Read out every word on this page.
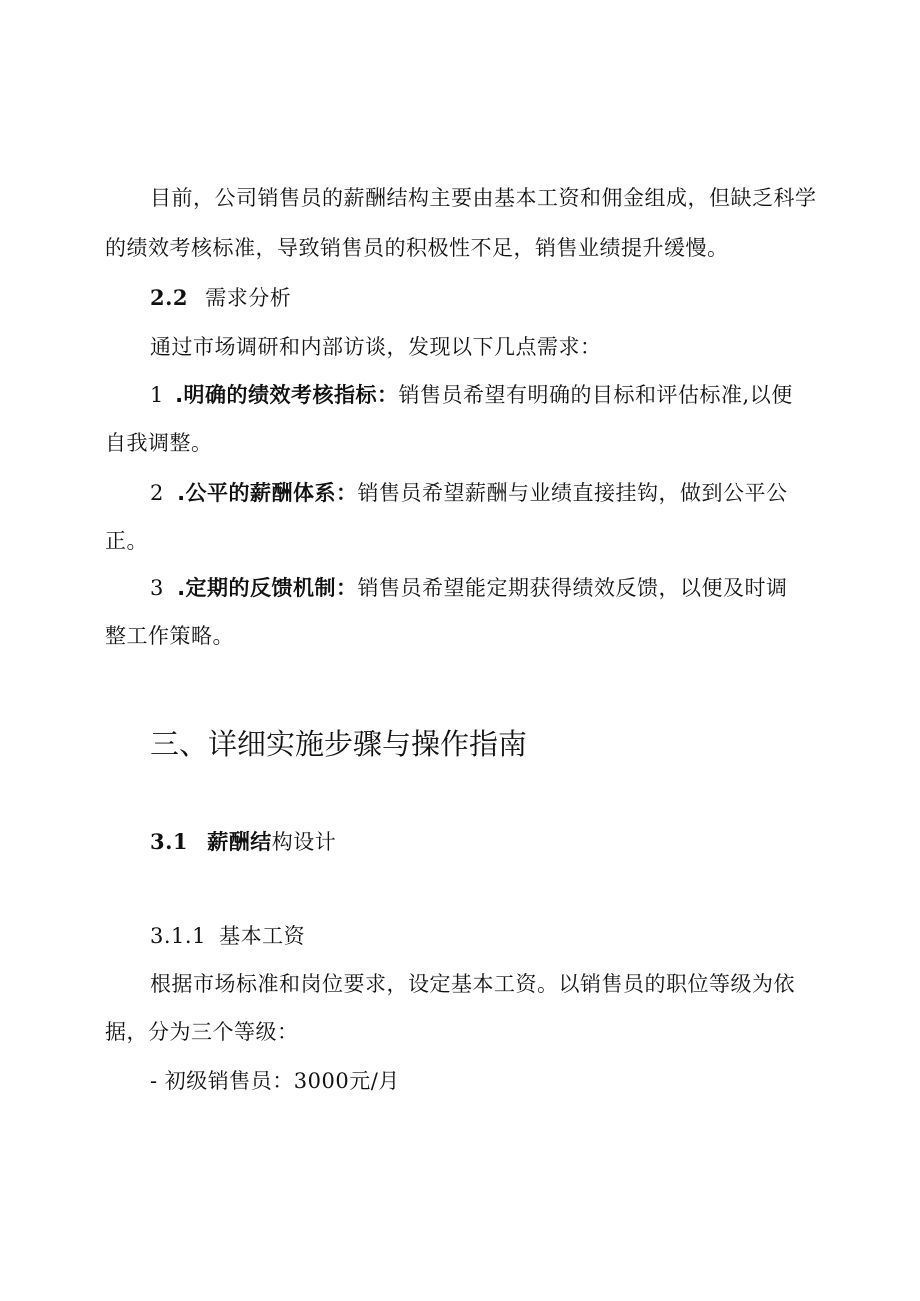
目前，公司销售员的薪酬结构主要由基本工资和佣金组成，但缺乏科学
的绩效考核标准，导致销售员的积极性不足，销售业绩提升缓慢。
2.2 需求分析
通过市场调研和内部访谈，发现以下几点需求：
1 .明确的绩效考核指标：销售员希望有明确的目标和评估标准,以便
自我调整。
2 .公平的薪酬体系：销售员希望薪酬与业绩直接挂钩，做到公平公
正。
3 .定期的反馈机制：销售员希望能定期获得绩效反馈，以便及时调
整工作策略。
三、详细实施步骤与操作指南
3.1 薪酬结构设计
3.1.1 基本工资
根据市场标准和岗位要求，设定基本工资。以销售员的职位等级为依
据，分为三个等级：
- 初级销售员：3000元/月
